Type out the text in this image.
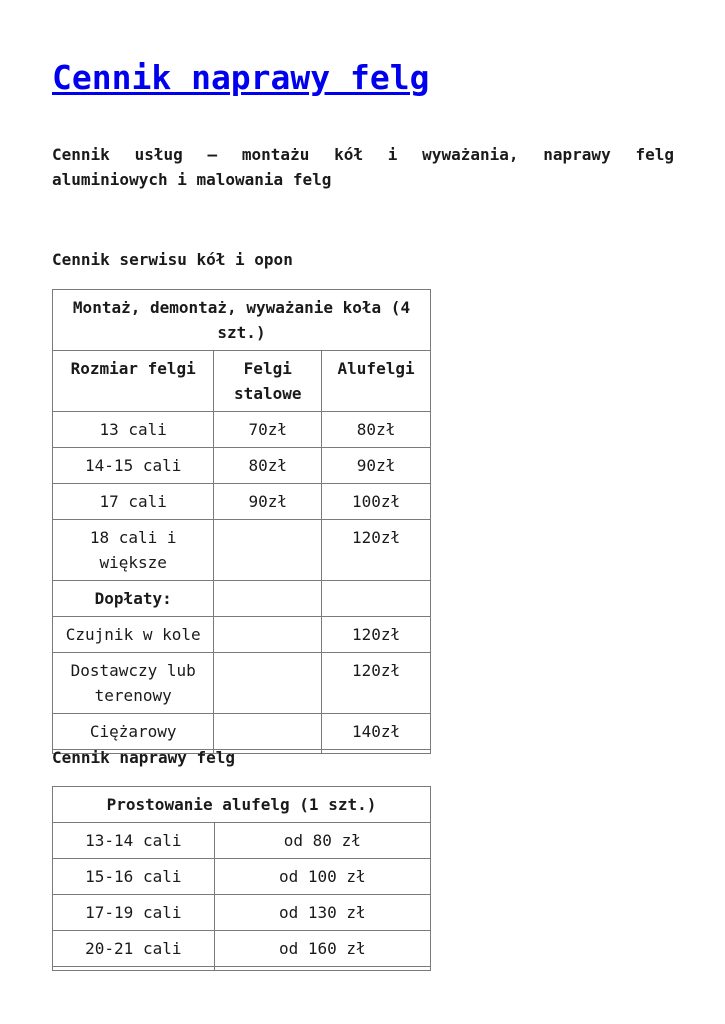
Cennik naprawy felg

Cennik usług – montażu kół i wyważania, naprawy felg aluminiowych i malowania felg

Cennik serwisu kół i opon

Montaż, demontaż, wyważanie koła (4 szt.)		
Rozmiar felgi	Felgi stalowe	Alufelgi
13 cali	70zł	80zł
14-15 cali	80zł	90zł
17 cali	90zł	100zł
18 cali i większe		120zł
Dopłaty:		
Czujnik w kole		120zł
Dostawczy lub terenowy		120zł
Ciężarowy		140zł

Cennik naprawy felg

Prostowanie alufelg (1 szt.)	
13-14 cali	od 80 zł
15-16 cali	od 100 zł
17-19 cali	od 130 zł
20-21 cali	od 160 zł
